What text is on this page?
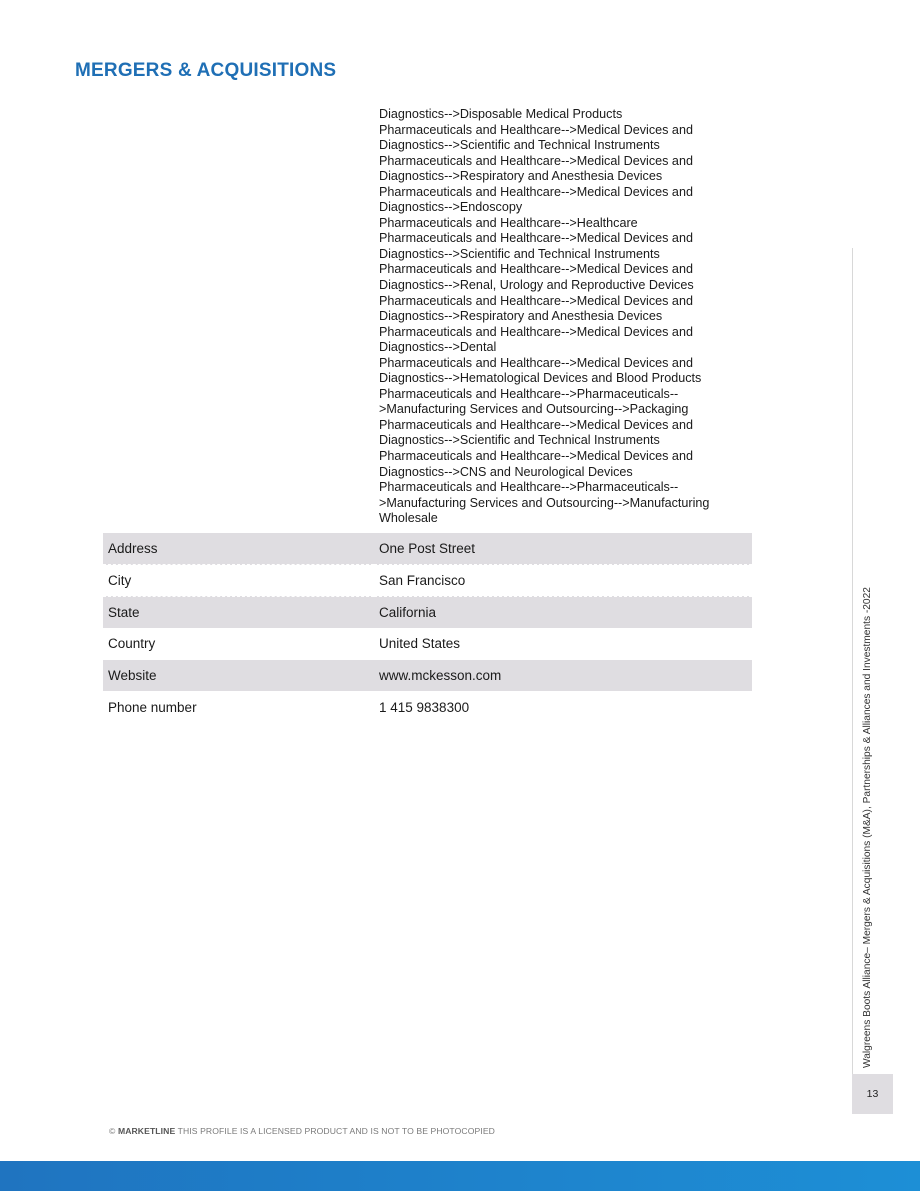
MERGERS & ACQUISITIONS
Diagnostics-->Disposable Medical Products
Pharmaceuticals and Healthcare-->Medical Devices and
Diagnostics-->Scientific and Technical Instruments
Pharmaceuticals and Healthcare-->Medical Devices and
Diagnostics-->Respiratory and Anesthesia Devices
Pharmaceuticals and Healthcare-->Medical Devices and
Diagnostics-->Endoscopy
Pharmaceuticals and Healthcare-->Healthcare
Pharmaceuticals and Healthcare-->Medical Devices and
Diagnostics-->Scientific and Technical Instruments
Pharmaceuticals and Healthcare-->Medical Devices and
Diagnostics-->Renal, Urology and Reproductive Devices
Pharmaceuticals and Healthcare-->Medical Devices and
Diagnostics-->Respiratory and Anesthesia Devices
Pharmaceuticals and Healthcare-->Medical Devices and
Diagnostics-->Dental
Pharmaceuticals and Healthcare-->Medical Devices and
Diagnostics-->Hematological Devices and Blood Products
Pharmaceuticals and Healthcare-->Pharmaceuticals--
>Manufacturing Services and Outsourcing-->Packaging
Pharmaceuticals and Healthcare-->Medical Devices and
Diagnostics-->Scientific and Technical Instruments
Pharmaceuticals and Healthcare-->Medical Devices and
Diagnostics-->CNS and Neurological Devices
Pharmaceuticals and Healthcare-->Pharmaceuticals--
>Manufacturing Services and Outsourcing-->Manufacturing
Wholesale
Address	One Post Street
City	San Francisco
State	California
Country	United States
Website	www.mckesson.com
Phone number	1 415 9838300	Walgreens Boots Alliance– Mergers & Acquisitions (M&A), Partnerships & Alliances and Investments -2022
13
© MARKETLINE THIS PROFILE IS A LICENSED PRODUCT AND IS NOT TO BE PHOTOCOPIED
